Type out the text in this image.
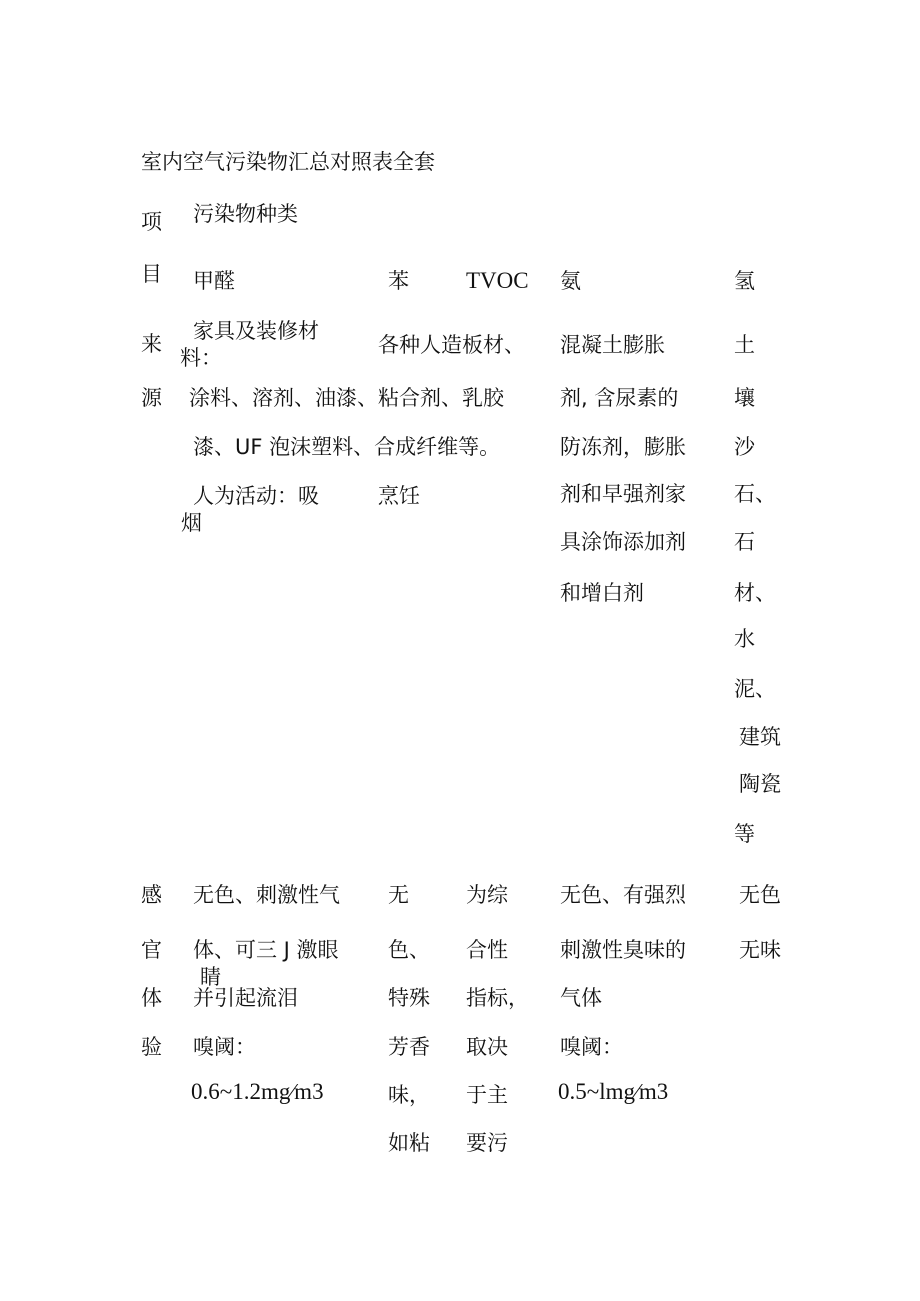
室内空气污染物汇总对照表全套
项
目
污染物种类
甲醛	苯 TVOC 氨	氢
来
源
家具及装修材
料：
各种人造板材、
涂料、溶剂、油漆、粘合剂、乳胶
漆、UF 泡沫塑料、合成纤维等。
人为活动：吸
烟
烹饪
混凝土膨胀
剂, 含尿素的
防冻剂，膨胀
剂和早强剂家
具涂饰添加剂
和增白剂
土
壤
沙
石、
石
材、
水
泥、
建筑
陶瓷
等
感
官
体
验
无色、刺激性气
体、可三 J 激眼
睛
并引起流泪
嗅阈：
0.6~1.2mg∕m3
无
色、
特殊
芳香
味，
如粘
为综
合性
指标，
取决
于主
要污
无色、有强烈
刺激性臭味的
气体
嗅阈：
0.5~lmg∕m3
无色
无味
